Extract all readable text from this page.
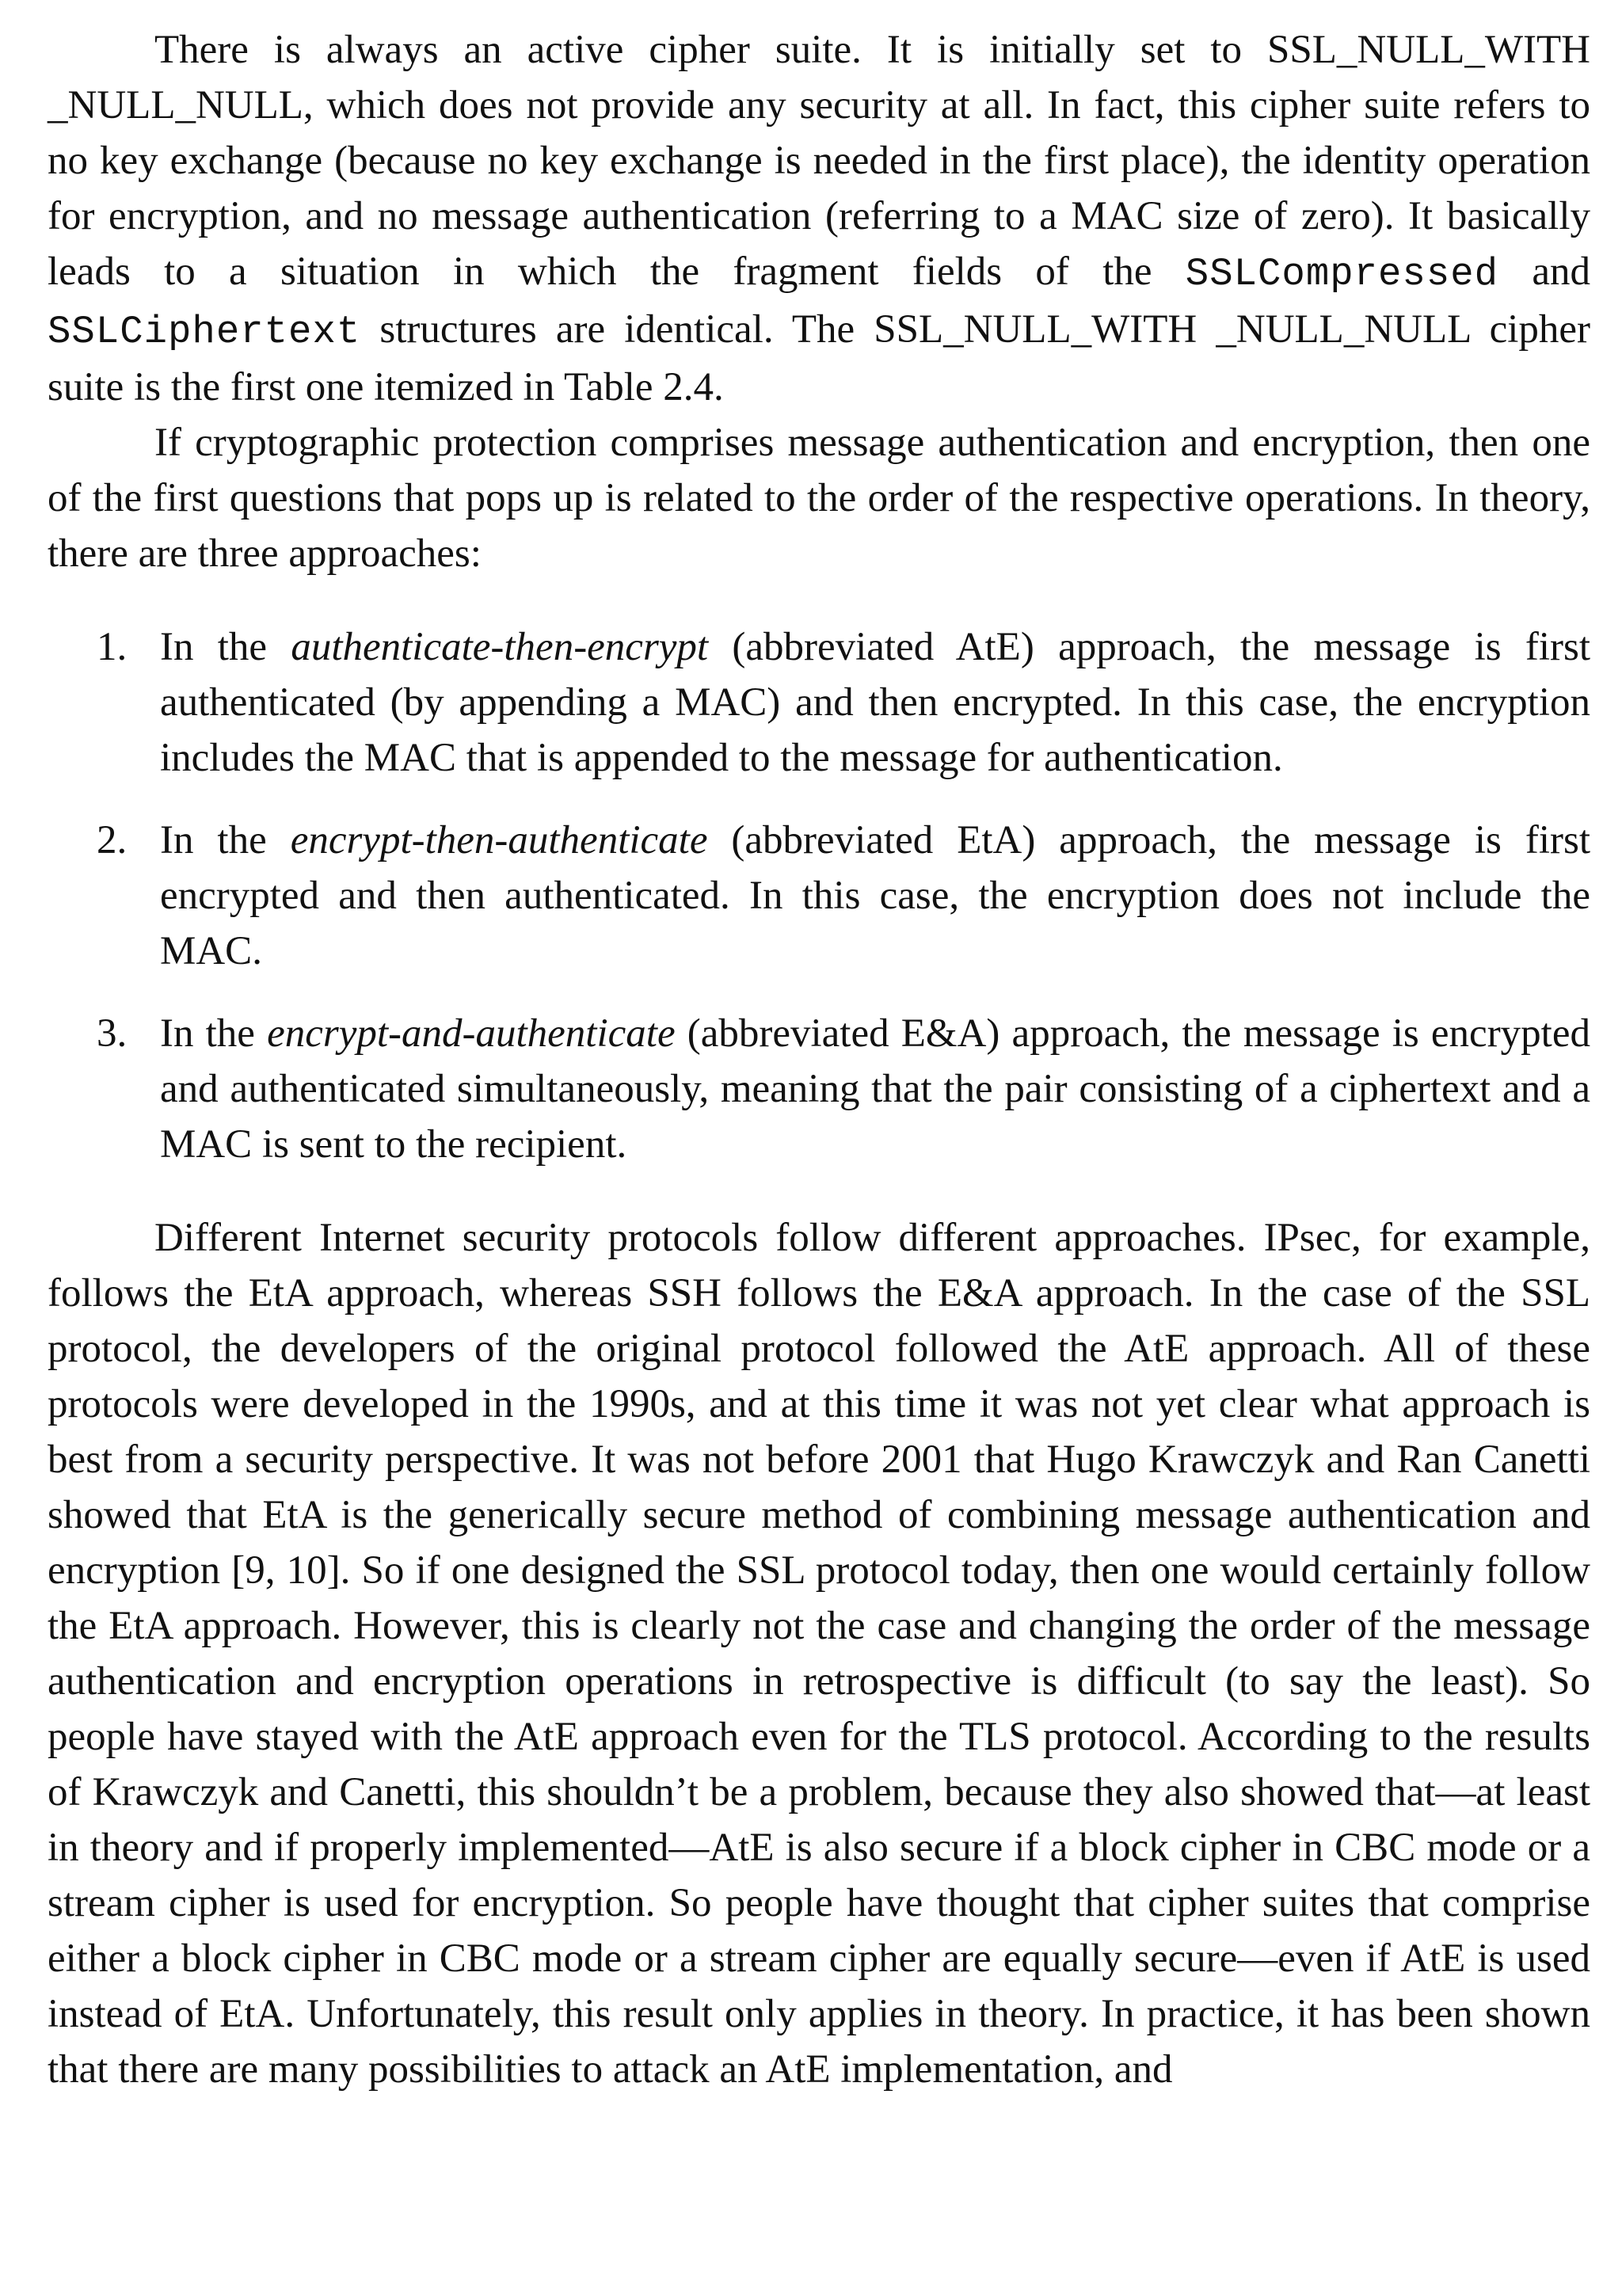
There is always an active cipher suite. It is initially set to SSL_NULL_WITH _NULL_NULL, which does not provide any security at all. In fact, this cipher suite refers to no key exchange (because no key exchange is needed in the first place), the identity operation for encryption, and no message authentication (referring to a MAC size of zero). It basically leads to a situation in which the fragment fields of the SSLCompressed and SSLCiphertext structures are identical. The SSL_NULL_WITH _NULL_NULL cipher suite is the first one itemized in Table 2.4.

If cryptographic protection comprises message authentication and encryption, then one of the first questions that pops up is related to the order of the respective operations. In theory, there are three approaches:

1. In the authenticate-then-encrypt (abbreviated AtE) approach, the message is first authenticated (by appending a MAC) and then encrypted. In this case, the encryption includes the MAC that is appended to the message for authentication.
2. In the encrypt-then-authenticate (abbreviated EtA) approach, the message is first encrypted and then authenticated. In this case, the encryption does not include the MAC.
3. In the encrypt-and-authenticate (abbreviated E&A) approach, the message is encrypted and authenticated simultaneously, meaning that the pair consisting of a ciphertext and a MAC is sent to the recipient.

Different Internet security protocols follow different approaches. IPsec, for example, follows the EtA approach, whereas SSH follows the E&A approach. In the case of the SSL protocol, the developers of the original protocol followed the AtE approach. All of these protocols were developed in the 1990s, and at this time it was not yet clear what approach is best from a security perspective. It was not before 2001 that Hugo Krawczyk and Ran Canetti showed that EtA is the generically secure method of combining message authentication and encryption [9, 10]. So if one designed the SSL protocol today, then one would certainly follow the EtA approach. However, this is clearly not the case and changing the order of the message authentication and encryption operations in retrospective is difficult (to say the least). So people have stayed with the AtE approach even for the TLS protocol. According to the results of Krawczyk and Canetti, this shouldn’t be a problem, because they also showed that—at least in theory and if properly implemented—AtE is also secure if a block cipher in CBC mode or a stream cipher is used for encryption. So people have thought that cipher suites that comprise either a block cipher in CBC mode or a stream cipher are equally secure—even if AtE is used instead of EtA. Unfortunately, this result only applies in theory. In practice, it has been shown that there are many possibilities to attack an AtE implementation, and
